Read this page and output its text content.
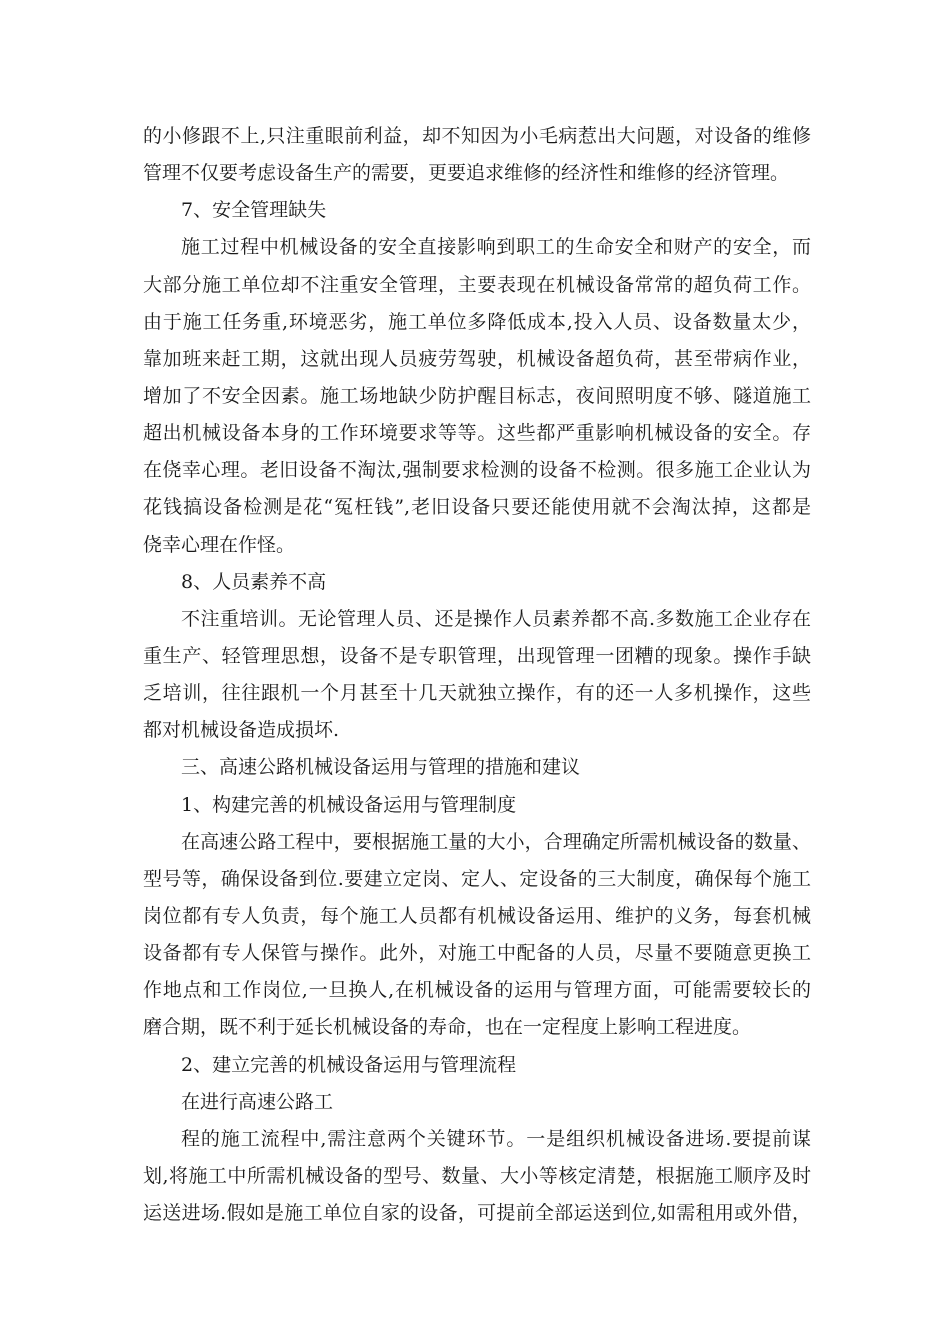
的小修跟不上,只注重眼前利益，却不知因为小毛病惹出大问题，对设备的维修
管理不仅要考虑设备生产的需要，更要追求维修的经济性和维修的经济管理。
7、安全管理缺失
施工过程中机械设备的安全直接影响到职工的生命安全和财产的安全，而
大部分施工单位却不注重安全管理，主要表现在机械设备常常的超负荷工作。
由于施工任务重,环境恶劣，施工单位多降低成本,投入人员、设备数量太少，
靠加班来赶工期，这就出现人员疲劳驾驶，机械设备超负荷，甚至带病作业，
增加了不安全因素。施工场地缺少防护醒目标志，夜间照明度不够、隧道施工
超出机械设备本身的工作环境要求等等。这些都严重影响机械设备的安全。存
在侥幸心理。老旧设备不淘汰,强制要求检测的设备不检测。很多施工企业认为
花钱搞设备检测是花“冤枉钱”,老旧设备只要还能使用就不会淘汰掉，这都是
侥幸心理在作怪。
8、人员素养不高
不注重培训。无论管理人员、还是操作人员素养都不高.多数施工企业存在
重生产、轻管理思想，设备不是专职管理，出现管理一团糟的现象。操作手缺
乏培训，往往跟机一个月甚至十几天就独立操作，有的还一人多机操作，这些
都对机械设备造成损坏.
三、高速公路机械设备运用与管理的措施和建议
1、构建完善的机械设备运用与管理制度
在高速公路工程中，要根据施工量的大小，合理确定所需机械设备的数量、
型号等，确保设备到位.要建立定岗、定人、定设备的三大制度，确保每个施工
岗位都有专人负责，每个施工人员都有机械设备运用、维护的义务，每套机械
设备都有专人保管与操作。此外，对施工中配备的人员，尽量不要随意更换工
作地点和工作岗位,一旦换人,在机械设备的运用与管理方面，可能需要较长的
磨合期，既不利于延长机械设备的寿命，也在一定程度上影响工程进度。
2、建立完善的机械设备运用与管理流程
在进行高速公路工
程的施工流程中,需注意两个关键环节。一是组织机械设备进场.要提前谋
划,将施工中所需机械设备的型号、数量、大小等核定清楚，根据施工顺序及时
运送进场.假如是施工单位自家的设备，可提前全部运送到位,如需租用或外借，
